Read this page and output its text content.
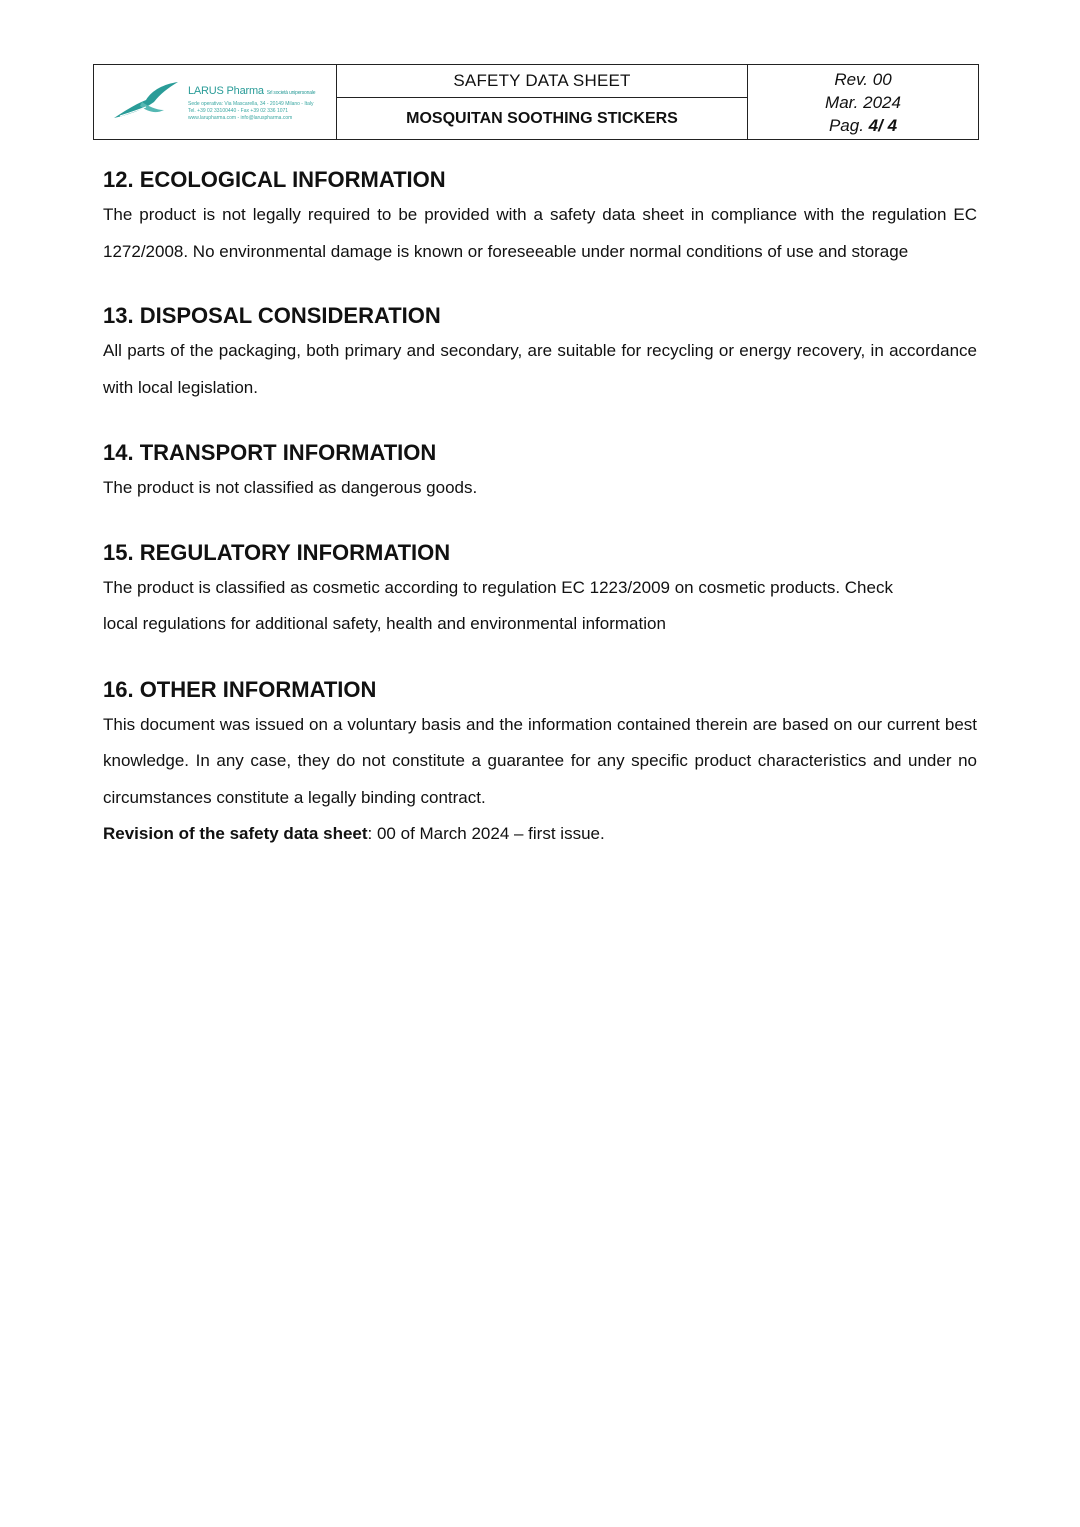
LARUS Pharma Srl società unipersonale
Sede operativa: Via Mascarella, 34 - 20149 Milano - Italy
Tel. +39 02 33100440 - Fax +39 02 336 1071
www.larupharma.com - info@laruspharma.com

SAFETY DATA SHEET
MOSQUITAN SOOTHING STICKERS

Rev. 00
Mar. 2024
Pag. 4/ 4

12. ECOLOGICAL INFORMATION

The product is not legally required to be provided with a safety data sheet in compliance with the regulation EC 1272/2008. No environmental damage is known or foreseeable under normal conditions of use and storage

13. DISPOSAL CONSIDERATION

All parts of the packaging, both primary and secondary, are suitable for recycling or energy recovery, in accordance with local legislation.

14. TRANSPORT INFORMATION

The product is not classified as dangerous goods.

15. REGULATORY INFORMATION

The product is classified as cosmetic according to regulation EC 1223/2009 on cosmetic products. Check

local regulations for additional safety, health and environmental information

16. OTHER INFORMATION

This document was issued on a voluntary basis and the information contained therein are based on our current best knowledge. In any case, they do not constitute a guarantee for any specific product characteristics and under no circumstances constitute a legally binding contract.

Revision of the safety data sheet: 00 of March 2024 – first issue.
